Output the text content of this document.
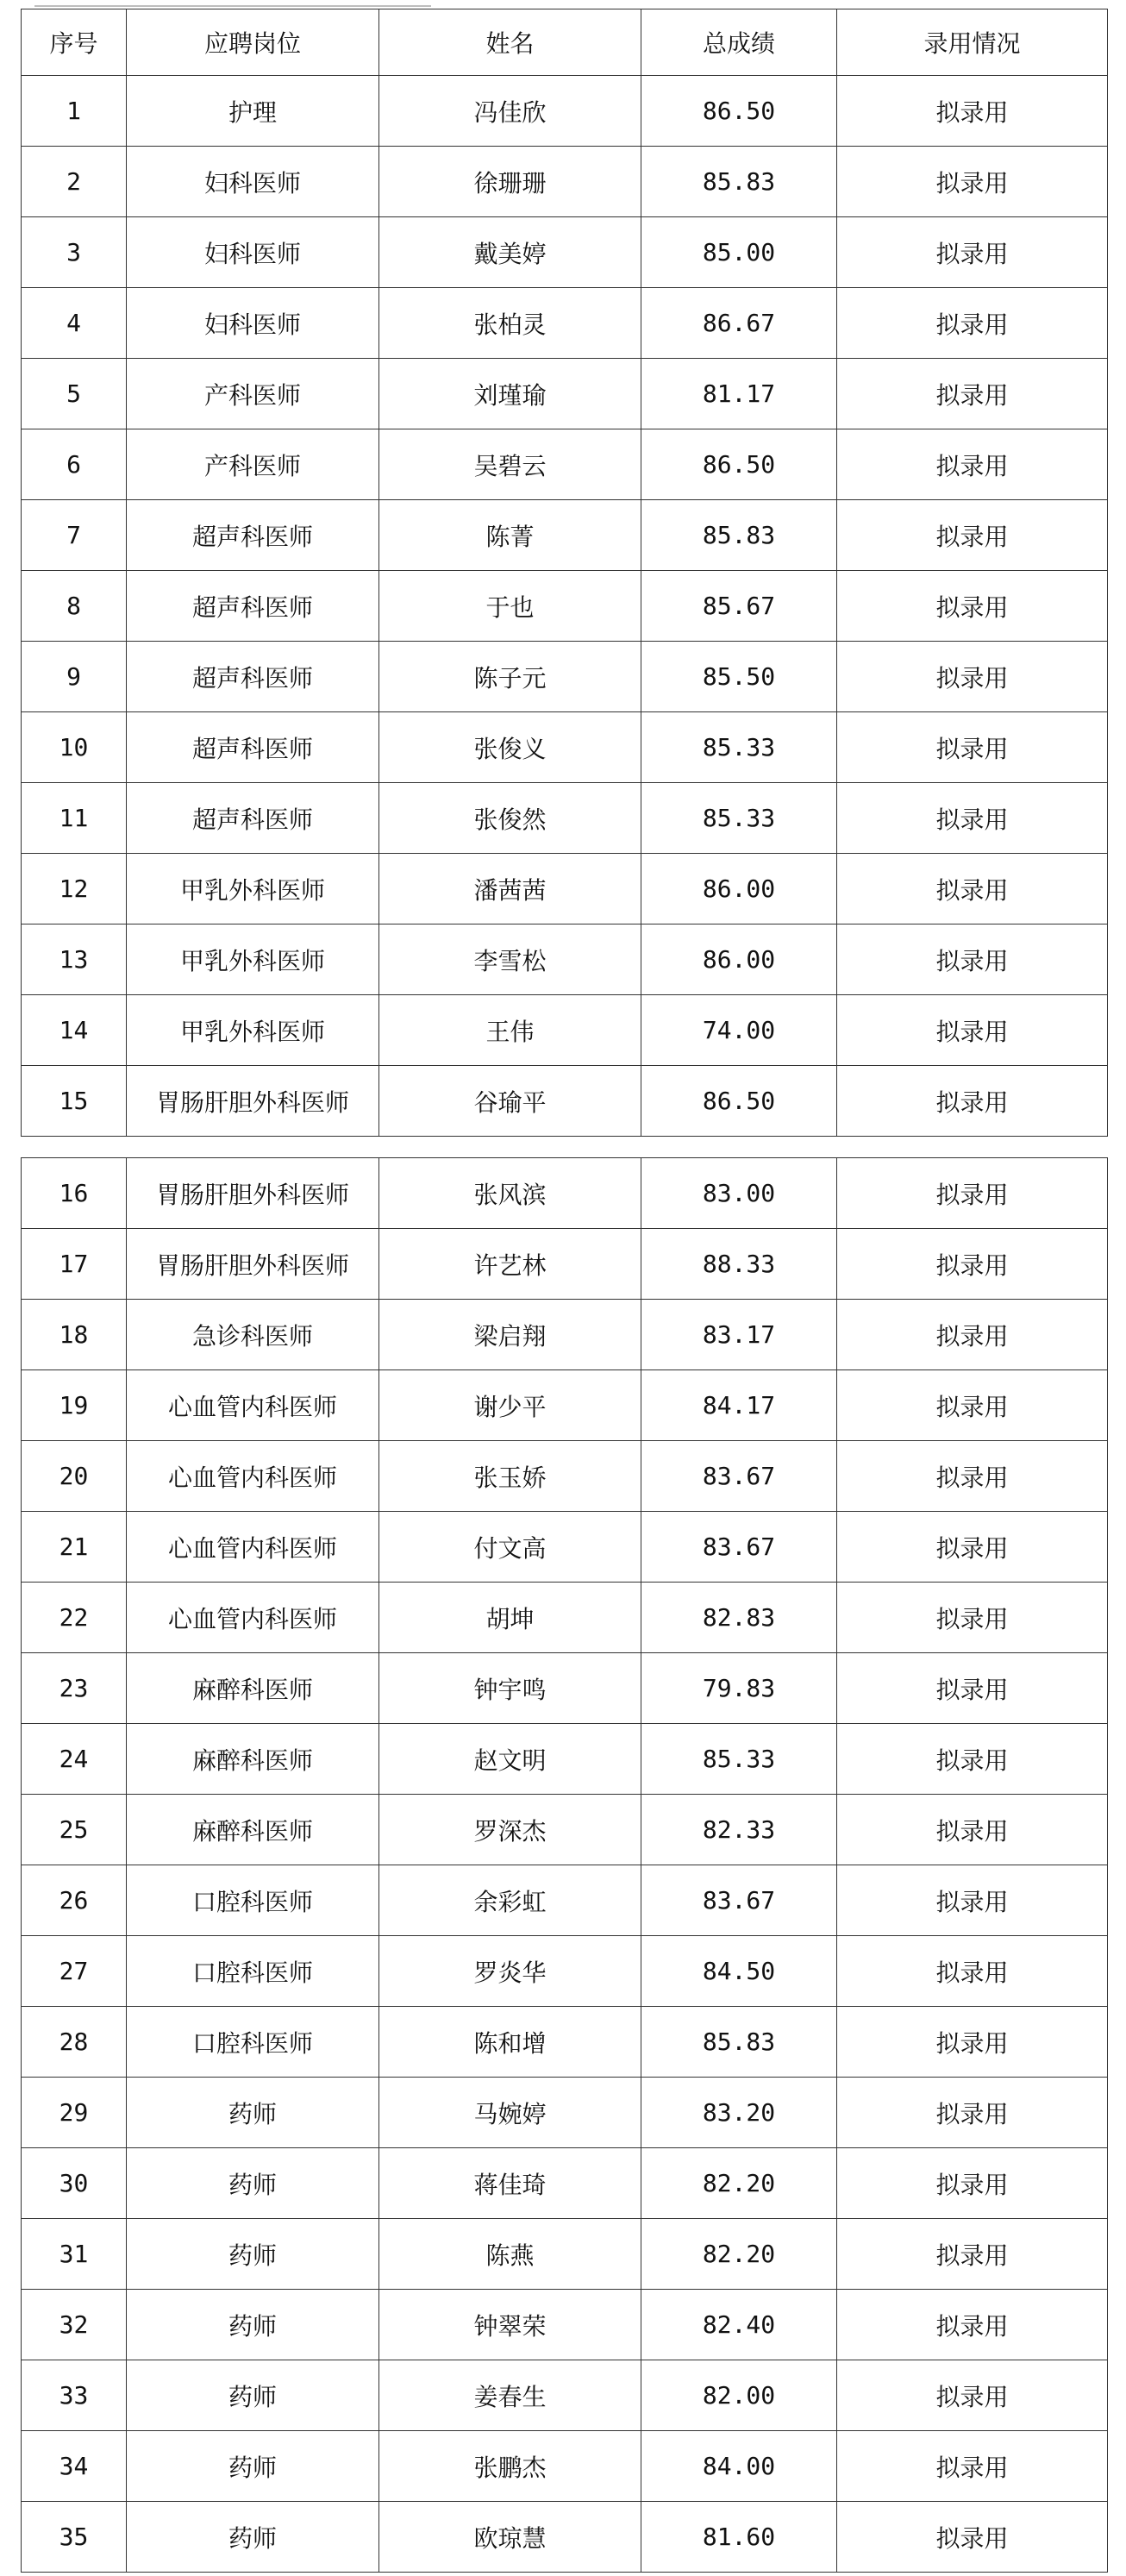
序号	应聘岗位	姓名	总成绩	录用情况
1	护理	冯佳欣	86.50	拟录用
2	妇科医师	徐珊珊	85.83	拟录用
3	妇科医师	戴美婷	85.00	拟录用
4	妇科医师	张柏灵	86.67	拟录用
5	产科医师	刘瑾瑜	81.17	拟录用
6	产科医师	吴碧云	86.50	拟录用
7	超声科医师	陈菁	85.83	拟录用
8	超声科医师	于也	85.67	拟录用
9	超声科医师	陈子元	85.50	拟录用
10	超声科医师	张俊义	85.33	拟录用
11	超声科医师	张俊然	85.33	拟录用
12	甲乳外科医师	潘茜茜	86.00	拟录用
13	甲乳外科医师	李雪松	86.00	拟录用
14	甲乳外科医师	王伟	74.00	拟录用
15	胃肠肝胆外科医师	谷瑜平	86.50	拟录用
16	胃肠肝胆外科医师	张风滨	83.00	拟录用
17	胃肠肝胆外科医师	许艺林	88.33	拟录用
18	急诊科医师	梁启翔	83.17	拟录用
19	心血管内科医师	谢少平	84.17	拟录用
20	心血管内科医师	张玉娇	83.67	拟录用
21	心血管内科医师	付文高	83.67	拟录用
22	心血管内科医师	胡坤	82.83	拟录用
23	麻醉科医师	钟宇鸣	79.83	拟录用
24	麻醉科医师	赵文明	85.33	拟录用
25	麻醉科医师	罗深杰	82.33	拟录用
26	口腔科医师	余彩虹	83.67	拟录用
27	口腔科医师	罗炎华	84.50	拟录用
28	口腔科医师	陈和增	85.83	拟录用
29	药师	马婉婷	83.20	拟录用
30	药师	蒋佳琦	82.20	拟录用
31	药师	陈燕	82.20	拟录用
32	药师	钟翠荣	82.40	拟录用
33	药师	姜春生	82.00	拟录用
34	药师	张鹏杰	84.00	拟录用
35	药师	欧琼慧	81.60	拟录用
